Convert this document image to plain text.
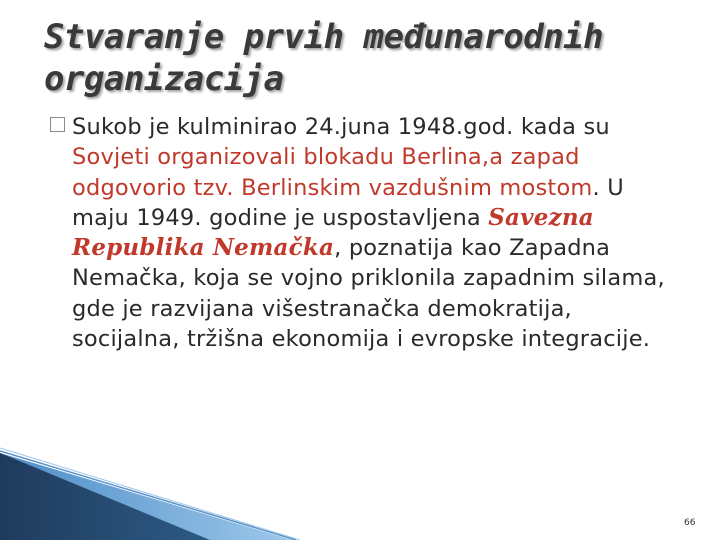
Stvaranje prvih međunarodnih
organizacija
Sukob je kulminirao 24.juna 1948.god. kada su Sovjeti organizovali blokadu Berlina,a zapad odgovorio tzv. Berlinskim vazdušnim mostom. U maju 1949. godine je uspostavljena Savezna Republika Nemačka, poznatija kao Zapadna Nemačka, koja se vojno priklonila zapadnim silama, gde je razvijana višestranačka demokratija, socijalna, tržišna ekonomija i evropske integracije.
66
